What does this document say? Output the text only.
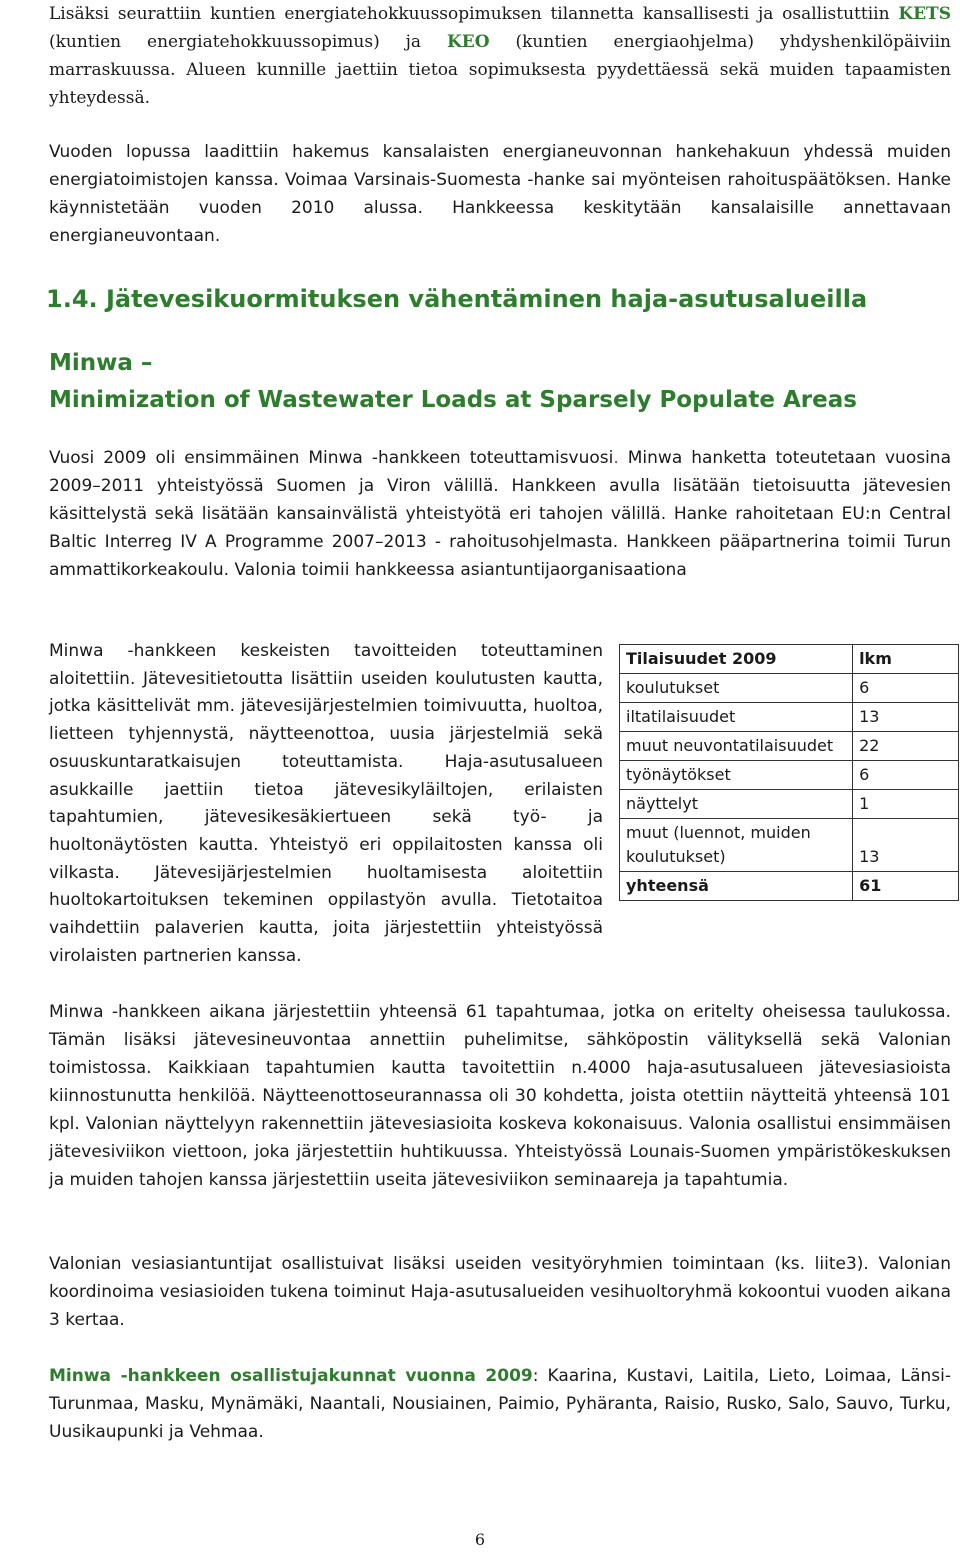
Lisäksi seurattiin kuntien energiatehokkuussopimuksen tilannetta kansallisesti ja osallistuttiin KETS (kuntien energiatehokkuussopimus) ja KEO (kuntien energiaohjelma) yhdyshenkilöpäiviin marraskuussa. Alueen kunnille jaettiin tietoa sopimuksesta pyydettäessä sekä muiden tapaamisten yhteydessä.

Vuoden lopussa laadittiin hakemus kansalaisten energianeuvonnan hankehakuun yhdessä muiden energiatoimistojen kanssa. Voimaa Varsinais-Suomesta -hanke sai myönteisen rahoituspäätöksen. Hanke käynnistetään vuoden 2010 alussa. Hankkeessa keskitytään kansalaisille annettavaan energianeuvontaan.

1.4. Jätevesikuormituksen vähentäminen haja-asutusalueilla
Minwa –
Minimization of Wastewater Loads at Sparsely Populate Areas

Vuosi 2009 oli ensimmäinen Minwa -hankkeen toteuttamisvuosi. Minwa hanketta toteutetaan vuosina 2009–2011 yhteistyössä Suomen ja Viron välillä. Hankkeen avulla lisätään tietoisuutta jätevesien käsittelystä sekä lisätään kansainvälistä yhteistyötä eri tahojen välillä. Hanke rahoitetaan EU:n Central Baltic Interreg IV A Programme 2007–2013 - rahoitusohjelmasta. Hankkeen pääpartnerina toimii Turun ammattikorkeakoulu. Valonia toimii hankkeessa asiantuntijaorganisaationa

Minwa -hankkeen keskeisten tavoitteiden toteuttaminen aloitettiin. Jätevesitietoutta lisättiin useiden koulutusten kautta, jotka käsittelivät mm. jätevesijärjestelmien toimivuutta, huoltoa, lietteen tyhjennystä, näytteenottoa, uusia järjestelmiä sekä osuuskuntaratkaisujen toteuttamista. Haja-asutusalueen asukkaille jaettiin tietoa jätevesikyläiltojen, erilaisten tapahtumien, jätevesikesäkiertueen sekä työ- ja huoltonäytösten kautta. Yhteistyö eri oppilaitosten kanssa oli vilkasta. Jätevesijärjestelmien huoltamisesta aloitettiin huoltokartoituksen tekeminen oppilastyön avulla. Tietotaitoa vaihdettiin palaverien kautta, joita järjestettiin yhteistyössä virolaisten partnerien kanssa.

Tilaisuudet 2009	lkm
koulutukset	6
iltatilaisuudet	13
muut neuvontatilaisuudet	22
työnäytökset	6
näyttelyt	1
muut (luennot, muiden koulutukset)	13
yhteensä	61

Minwa -hankkeen aikana järjestettiin yhteensä 61 tapahtumaa, jotka on eritelty oheisessa taulukossa. Tämän lisäksi jätevesineuvontaa annettiin puhelimitse, sähköpostin välityksellä sekä Valonian toimistossa. Kaikkiaan tapahtumien kautta tavoitettiin n.4000 haja-asutusalueen jätevesiasioista kiinnostunutta henkilöä. Näytteenottoseurannassa oli 30 kohdetta, joista otettiin näytteitä yhteensä 101 kpl. Valonian näyttelyyn rakennettiin jätevesiasioita koskeva kokonaisuus. Valonia osallistui ensimmäisen jätevesiviikon viettoon, joka järjestettiin huhtikuussa. Yhteistyössä Lounais-Suomen ympäristökeskuksen ja muiden tahojen kanssa järjestettiin useita jätevesiviikon seminaareja ja tapahtumia.

Valonian vesiasiantuntijat osallistuivat lisäksi useiden vesityöryhmien toimintaan (ks. liite3). Valonian koordinoima vesiasioiden tukena toiminut Haja-asutusalueiden vesihuoltoryhmä kokoontui vuoden aikana 3 kertaa.

Minwa -hankkeen osallistujakunnat vuonna 2009: Kaarina, Kustavi, Laitila, Lieto, Loimaa, Länsi-Turunmaa, Masku, Mynämäki, Naantali, Nousiainen, Paimio, Pyhäranta, Raisio, Rusko, Salo, Sauvo, Turku, Uusikaupunki ja Vehmaa.

6
